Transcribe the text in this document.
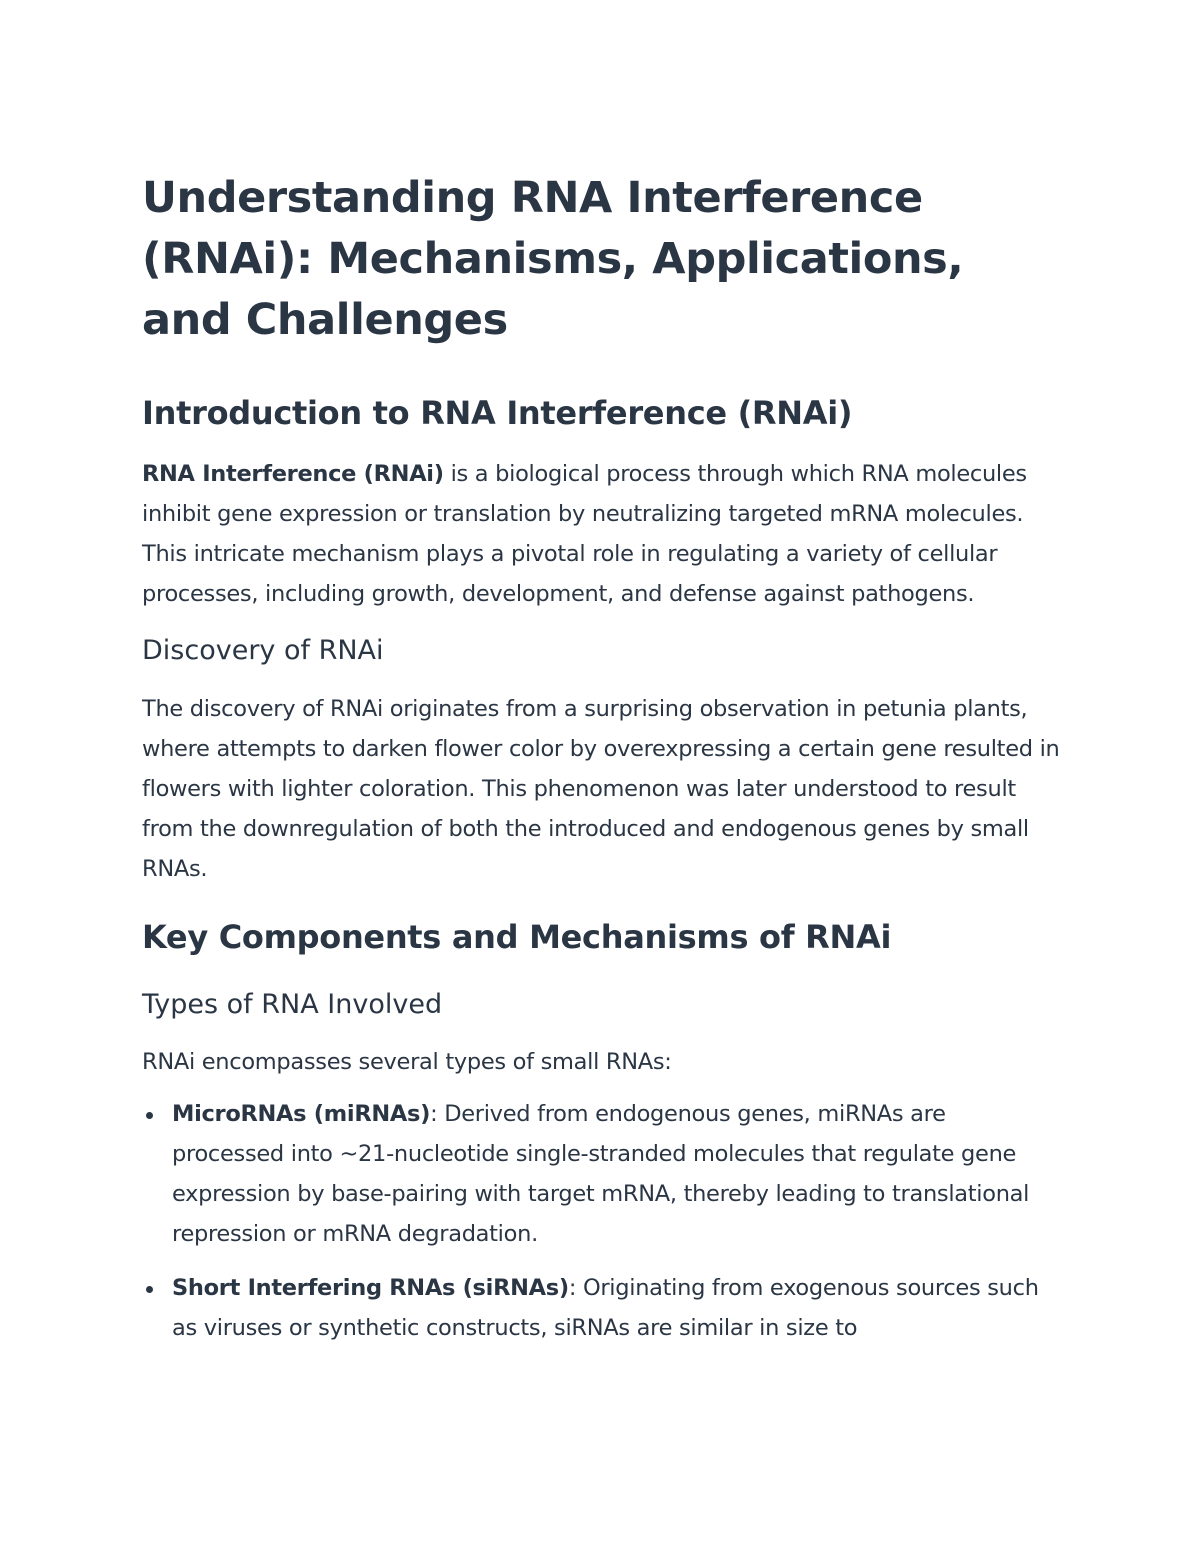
Understanding RNA Interference (RNAi): Mechanisms, Applications, and Challenges
Introduction to RNA Interference (RNAi)

RNA Interference (RNAi) is a biological process through which RNA molecules inhibit gene expression or translation by neutralizing targeted mRNA molecules. This intricate mechanism plays a pivotal role in regulating a variety of cellular processes, including growth, development, and defense against pathogens.

Discovery of RNAi

The discovery of RNAi originates from a surprising observation in petunia plants, where attempts to darken flower color by overexpressing a certain gene resulted in flowers with lighter coloration. This phenomenon was later understood to result from the downregulation of both the introduced and endogenous genes by small RNAs.

Key Components and Mechanisms of RNAi
Types of RNA Involved

RNAi encompasses several types of small RNAs:

MicroRNAs (miRNAs): Derived from endogenous genes, miRNAs are processed into ~21-nucleotide single-stranded molecules that regulate gene expression by base-pairing with target mRNA, thereby leading to translational repression or mRNA degradation.
Short Interfering RNAs (siRNAs): Originating from exogenous sources such as viruses or synthetic constructs, siRNAs are similar in size to
